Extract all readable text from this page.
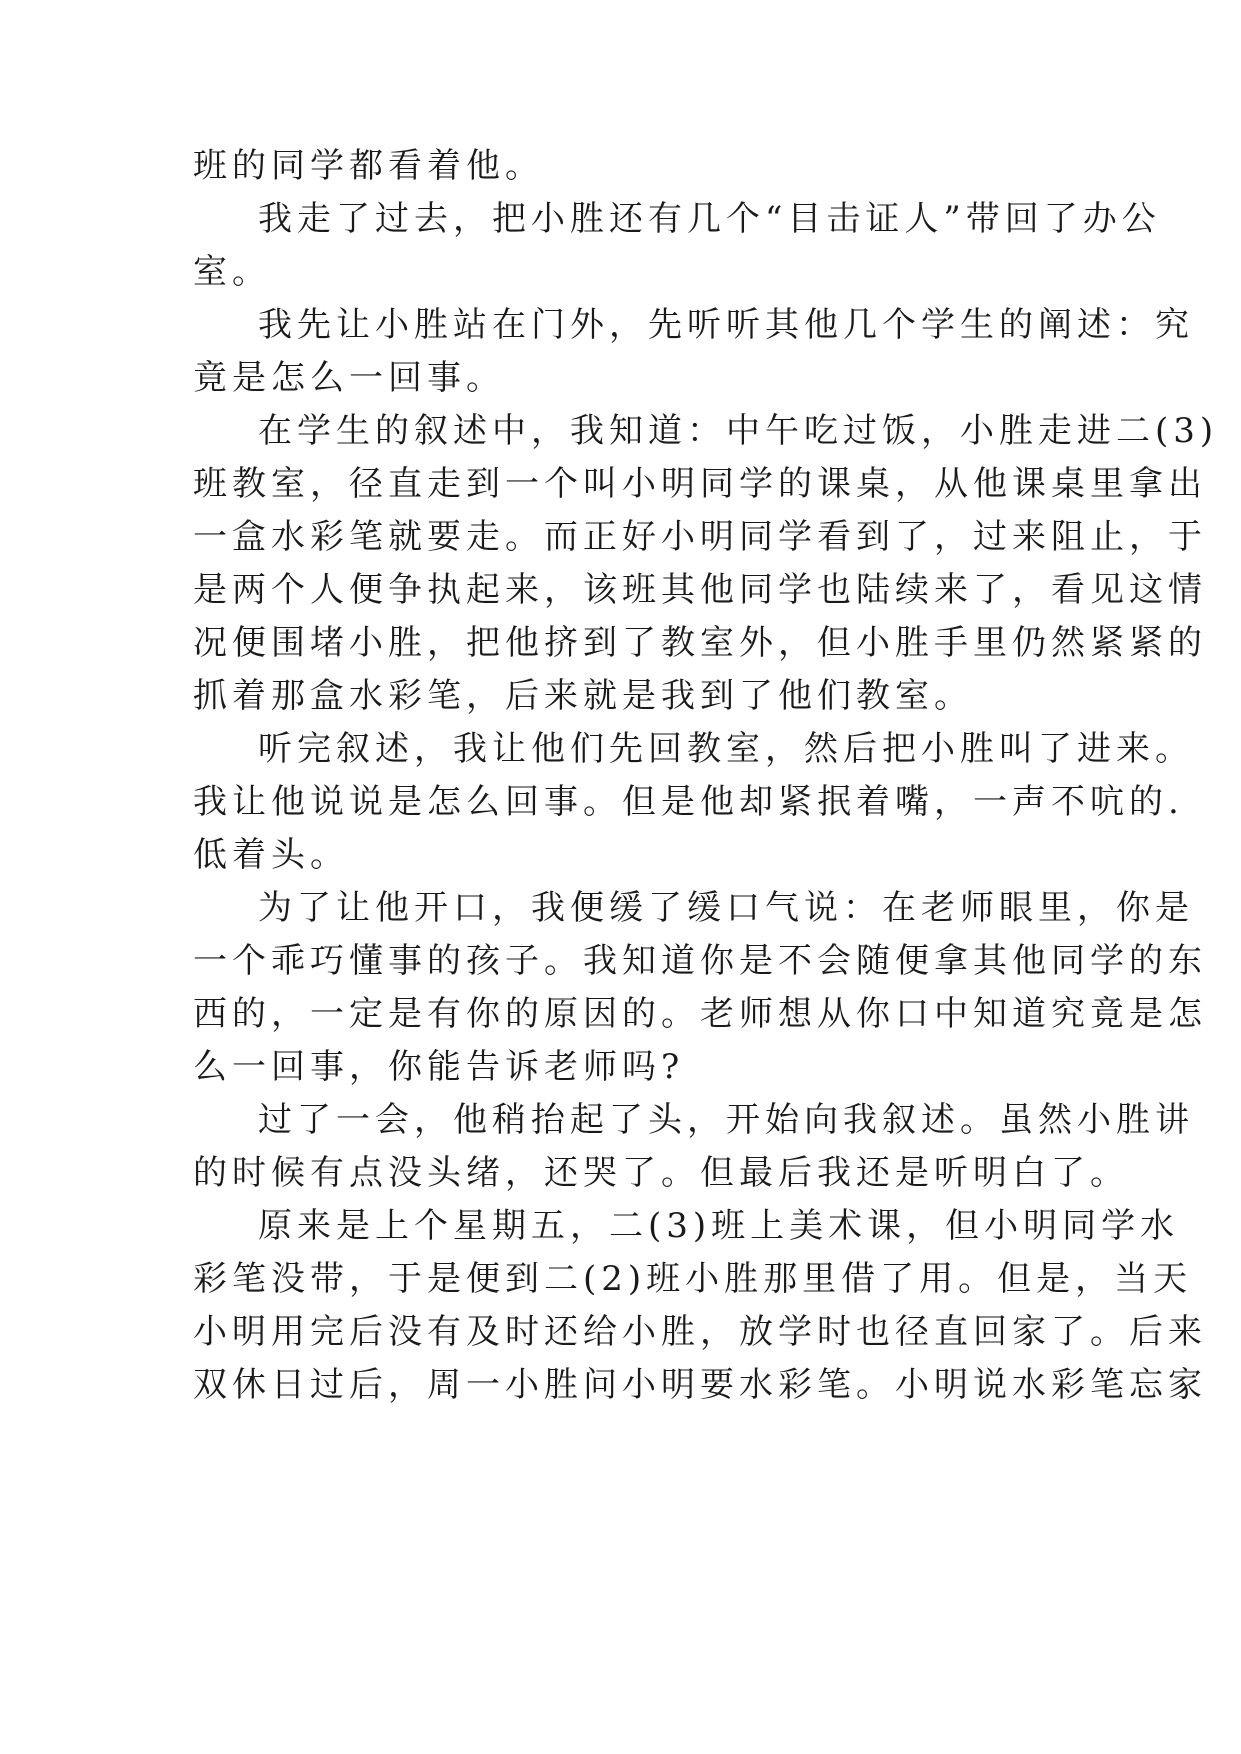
班的同学都看着他。
我走了过去，把小胜还有几个“目击证人”带回了办公
室。
我先让小胜站在门外，先听听其他几个学生的阐述：究
竟是怎么一回事。
在学生的叙述中，我知道：中午吃过饭，小胜走进二(3)
班教室，径直走到一个叫小明同学的课桌，从他课桌里拿出
一盒水彩笔就要走。而正好小明同学看到了，过来阻止，于
是两个人便争执起来，该班其他同学也陆续来了，看见这情
况便围堵小胜，把他挤到了教室外，但小胜手里仍然紧紧的
抓着那盒水彩笔，后来就是我到了他们教室。
听完叙述，我让他们先回教室，然后把小胜叫了进来。
我让他说说是怎么回事。但是他却紧抿着嘴，一声不吭的.
低着头。
为了让他开口，我便缓了缓口气说：在老师眼里，你是
一个乖巧懂事的孩子。我知道你是不会随便拿其他同学的东
西的，一定是有你的原因的。老师想从你口中知道究竟是怎
么一回事，你能告诉老师吗?
过了一会，他稍抬起了头，开始向我叙述。虽然小胜讲
的时候有点没头绪，还哭了。但最后我还是听明白了。
原来是上个星期五，二(3)班上美术课，但小明同学水
彩笔没带，于是便到二(2)班小胜那里借了用。但是，当天
小明用完后没有及时还给小胜，放学时也径直回家了。后来
双休日过后，周一小胜问小明要水彩笔。小明说水彩笔忘家
